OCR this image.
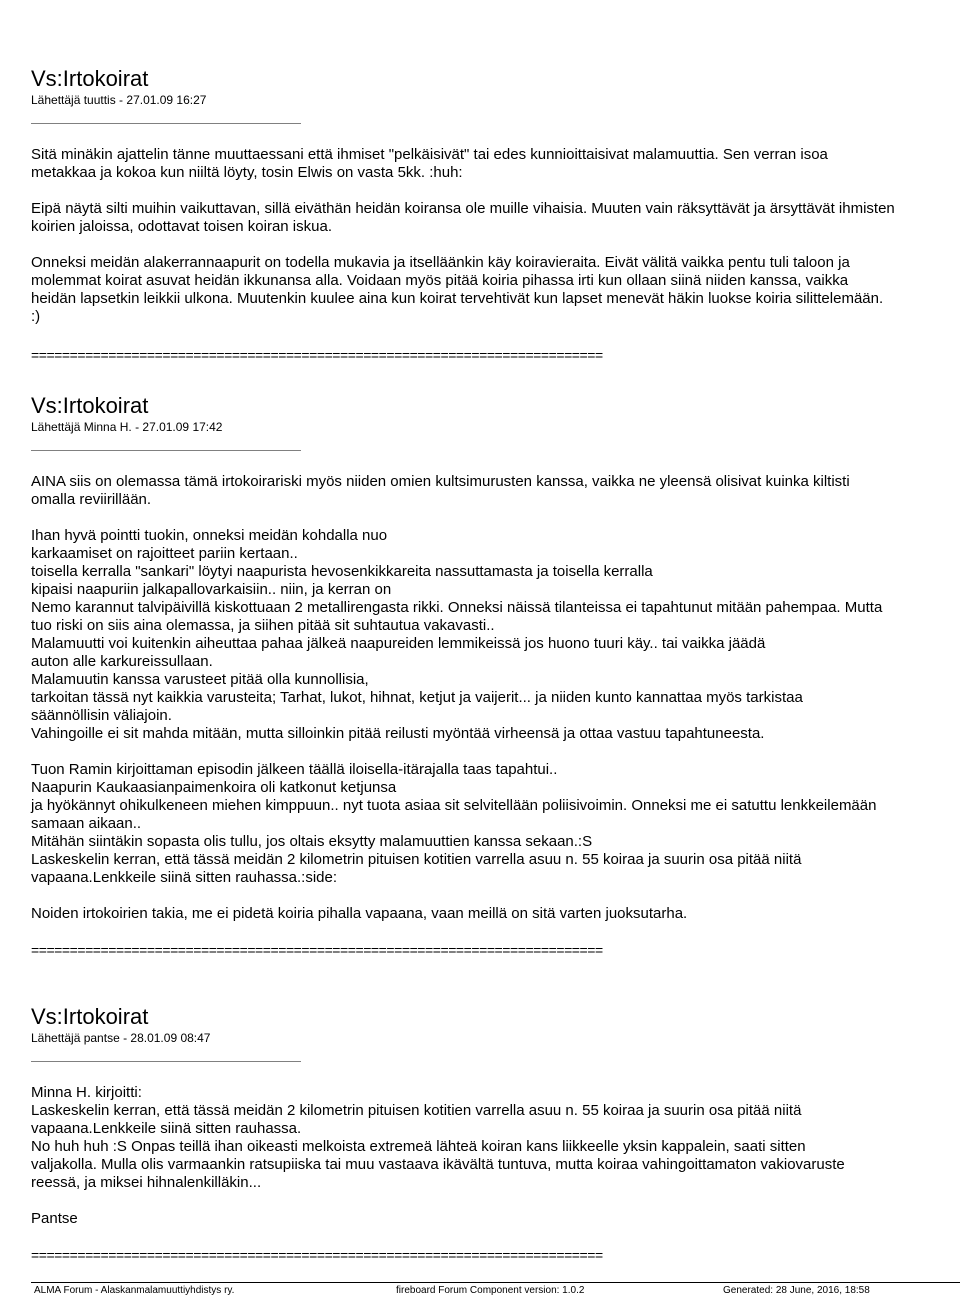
Vs:Irtokoirat
Lähettäjä tuuttis - 27.01.09 16:27

Sitä minäkin ajattelin tänne muuttaessani että ihmiset "pelkäisivät" tai edes kunnioittaisivat malamuuttia. Sen verran isoa

metakkaa ja kokoa kun niiltä löyty, tosin Elwis on vasta 5kk. :huh:

Eipä näytä silti muihin vaikuttavan, sillä eiväthän heidän koiransa ole muille vihaisia. Muuten vain räksyttävät ja ärsyttävät ihmisten

koirien jaloissa, odottavat toisen koiran iskua.

Onneksi meidän alakerrannaapurit on todella mukavia ja itselläänkin käy koiravieraita. Eivät välitä vaikka pentu tuli taloon ja

molemmat koirat asuvat heidän ikkunansa alla. Voidaan myös pitää koiria pihassa irti kun ollaan siinä niiden kanssa, vaikka

heidän lapsetkin leikkii ulkona. Muutenkin kuulee aina kun koirat tervehtivät kun lapset menevät häkin luokse koiria silittelemään.

:)

==========================================================================
Vs:Irtokoirat
Lähettäjä Minna H. - 27.01.09 17:42

AINA siis on olemassa tämä irtokoirariski myös niiden omien kultsimurusten kanssa, vaikka ne yleensä olisivat kuinka kiltisti

omalla reviirillään.

Ihan hyvä pointti tuokin, onneksi meidän kohdalla nuo

karkaamiset on rajoitteet pariin kertaan..

toisella kerralla "sankari" löytyi naapurista hevosenkikkareita nassuttamasta ja toisella kerralla

kipaisi naapuriin jalkapallovarkaisiin.. niin, ja kerran on

Nemo karannut talvipäivillä kiskottuaan 2 metallirengasta rikki. Onneksi näissä tilanteissa ei tapahtunut mitään pahempaa. Mutta

tuo riski on siis aina olemassa, ja siihen pitää sit suhtautua vakavasti..

Malamuutti voi kuitenkin aiheuttaa pahaa jälkeä naapureiden lemmikeissä jos huono tuuri käy.. tai vaikka jäädä

auton alle karkureissullaan.

Malamuutin kanssa varusteet pitää olla kunnollisia,

tarkoitan tässä nyt kaikkia varusteita; Tarhat, lukot, hihnat, ketjut ja vaijerit... ja niiden kunto kannattaa myös tarkistaa

säännöllisin väliajoin.

Vahingoille ei sit mahda mitään, mutta silloinkin pitää reilusti myöntää virheensä ja ottaa vastuu tapahtuneesta.

Tuon Ramin kirjoittaman episodin jälkeen täällä iloisella-itärajalla taas tapahtui..

Naapurin Kaukaasianpaimenkoira oli katkonut ketjunsa

ja hyökännyt ohikulkeneen miehen kimppuun.. nyt tuota asiaa sit selvitellään poliisivoimin. Onneksi me ei satuttu lenkkeilemään

samaan aikaan..

Mitähän siintäkin sopasta olis tullu, jos oltais eksytty malamuuttien kanssa sekaan.:S

Laskeskelin kerran, että tässä meidän 2 kilometrin pituisen kotitien varrella asuu n. 55 koiraa ja suurin osa pitää niitä

vapaana.Lenkkeile siinä sitten rauhassa.:side:

Noiden irtokoirien takia, me ei pidetä koiria pihalla vapaana, vaan meillä on sitä varten juoksutarha.

==========================================================================
Vs:Irtokoirat
Lähettäjä pantse - 28.01.09 08:47

Minna H. kirjoitti:

Laskeskelin kerran, että tässä meidän 2 kilometrin pituisen kotitien varrella asuu n. 55 koiraa ja suurin osa pitää niitä

vapaana.Lenkkeile siinä sitten rauhassa.

No huh huh :S Onpas teillä ihan oikeasti melkoista extremeä lähteä koiran kans liikkeelle yksin kappalein, saati sitten

valjakolla. Mulla olis varmaankin ratsupiiska tai muu vastaava ikävältä tuntuva, mutta koiraa vahingoittamaton vakiovaruste

reessä, ja miksei hihnalenkilläkin...

Pantse

==========================================================================
ALMA Forum - Alaskanmalamuuttiyhdistys ry.	fireboard Forum Component version: 1.0.2	Generated: 28 June, 2016, 18:58
